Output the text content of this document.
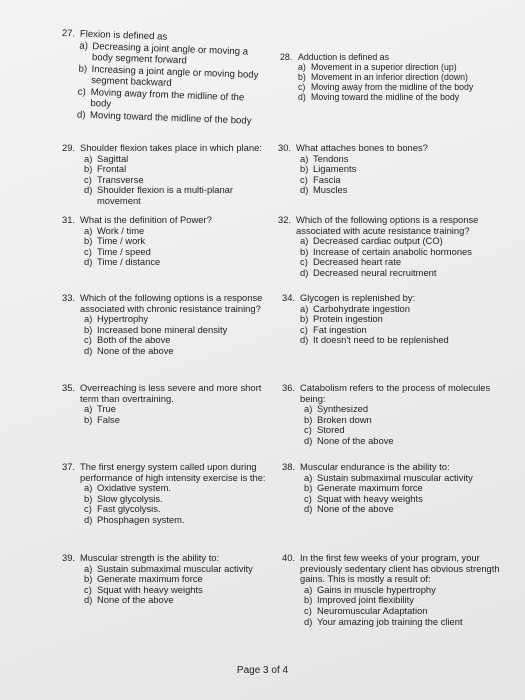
27. Flexion is defined as
a) Decreasing a joint angle or moving a body segment forward
b) Increasing a joint angle or moving body segment backward
c) Moving away from the midline of the body
d) Moving toward the midline of the body
28. Adduction is defined as
a) Movement in a superior direction (up)
b) Movement in an inferior direction (down)
c) Moving away from the midline of the body
d) Moving toward the midline of the body
29. Shoulder flexion takes place in which plane:
a) Sagittal
b) Frontal
c) Transverse
d) Shoulder flexion is a multi-planar movement
30. What attaches bones to bones?
a) Tendons
b) Ligaments
c) Fascia
d) Muscles
31. What is the definition of Power?
a) Work / time
b) Time / work
c) Time / speed
d) Time / distance
32. Which of the following options is a response associated with acute resistance training?
a) Decreased cardiac output (CO)
b) Increase of certain anabolic hormones
c) Decreased heart rate
d) Decreased neural recruitment
33. Which of the following options is a response associated with chronic resistance training?
a) Hypertrophy
b) Increased bone mineral density
c) Both of the above
d) None of the above
34. Glycogen is replenished by:
a) Carbohydrate ingestion
b) Protein ingestion
c) Fat ingestion
d) It doesn't need to be replenished
35. Overreaching is less severe and more short term than overtraining.
a) True
b) False
36. Catabolism refers to the process of molecules being:
a) Synthesized
b) Broken down
c) Stored
d) None of the above
37. The first energy system called upon during performance of high intensity exercise is the:
a) Oxidative system.
b) Slow glycolysis.
c) Fast glycolysis.
d) Phosphagen system.
38. Muscular endurance is the ability to:
a) Sustain submaximal muscular activity
b) Generate maximum force
c) Squat with heavy weights
d) None of the above
39. Muscular strength is the ability to:
a) Sustain submaximal muscular activity
b) Generate maximum force
c) Squat with heavy weights
d) None of the above
40. In the first few weeks of your program, your previously sedentary client has obvious strength gains. This is mostly a result of:
a) Gains in muscle hypertrophy
b) Improved joint flexibility
c) Neuromuscular Adaptation
d) Your amazing job training the client
Page 3 of 4
